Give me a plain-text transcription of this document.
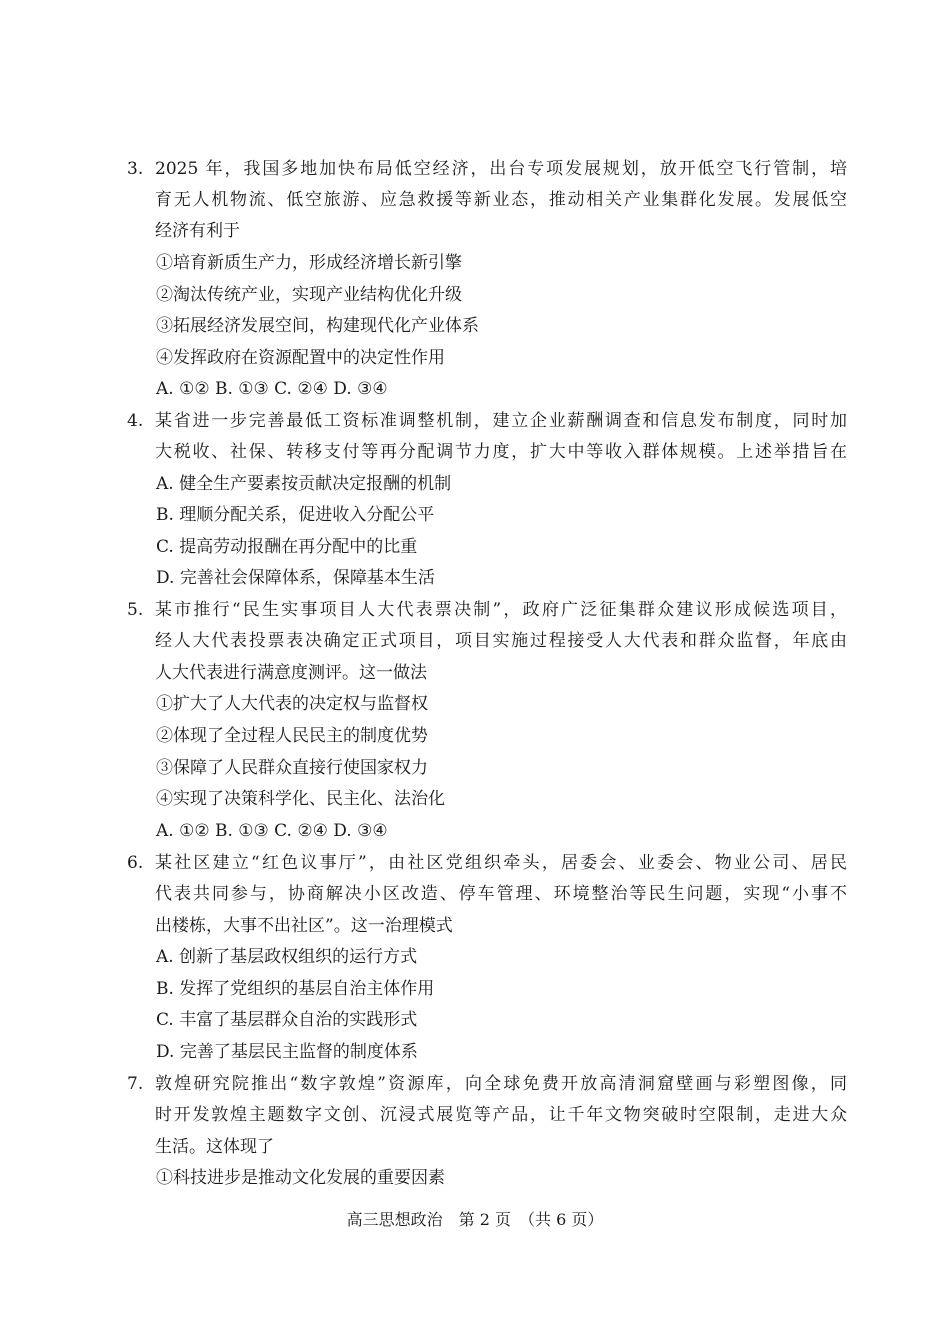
3. 2025 年，我国多地加快布局低空经济，出台专项发展规划，放开低空飞行管制，培
育无人机物流、低空旅游、应急救援等新业态，推动相关产业集群化发展。发展低空
经济有利于
①培育新质生产力，形成经济增长新引擎
②淘汰传统产业，实现产业结构优化升级
③拓展经济发展空间，构建现代化产业体系
④发挥政府在资源配置中的决定性作用
A. ①② B. ①③ C. ②④ D. ③④
4. 某省进一步完善最低工资标准调整机制，建立企业薪酬调查和信息发布制度，同时加
大税收、社保、转移支付等再分配调节力度，扩大中等收入群体规模。上述举措旨在
A. 健全生产要素按贡献决定报酬的机制
B. 理顺分配关系，促进收入分配公平
C. 提高劳动报酬在再分配中的比重
D. 完善社会保障体系，保障基本生活
5. 某市推行“民生实事项目人大代表票决制”，政府广泛征集群众建议形成候选项目，
经人大代表投票表决确定正式项目，项目实施过程接受人大代表和群众监督，年底由
人大代表进行满意度测评。这一做法
①扩大了人大代表的决定权与监督权
②体现了全过程人民民主的制度优势
③保障了人民群众直接行使国家权力
④实现了决策科学化、民主化、法治化
A. ①② B. ①③ C. ②④ D. ③④
6. 某社区建立“红色议事厅”，由社区党组织牵头，居委会、业委会、物业公司、居民
代表共同参与，协商解决小区改造、停车管理、环境整治等民生问题，实现“小事不
出楼栋，大事不出社区”。这一治理模式
A. 创新了基层政权组织的运行方式
B. 发挥了党组织的基层自治主体作用
C. 丰富了基层群众自治的实践形式
D. 完善了基层民主监督的制度体系
7. 敦煌研究院推出“数字敦煌”资源库，向全球免费开放高清洞窟壁画与彩塑图像，同
时开发敦煌主题数字文创、沉浸式展览等产品，让千年文物突破时空限制，走进大众
生活。这体现了
①科技进步是推动文化发展的重要因素
高三思想政治　第 2 页　（共 6 页）
